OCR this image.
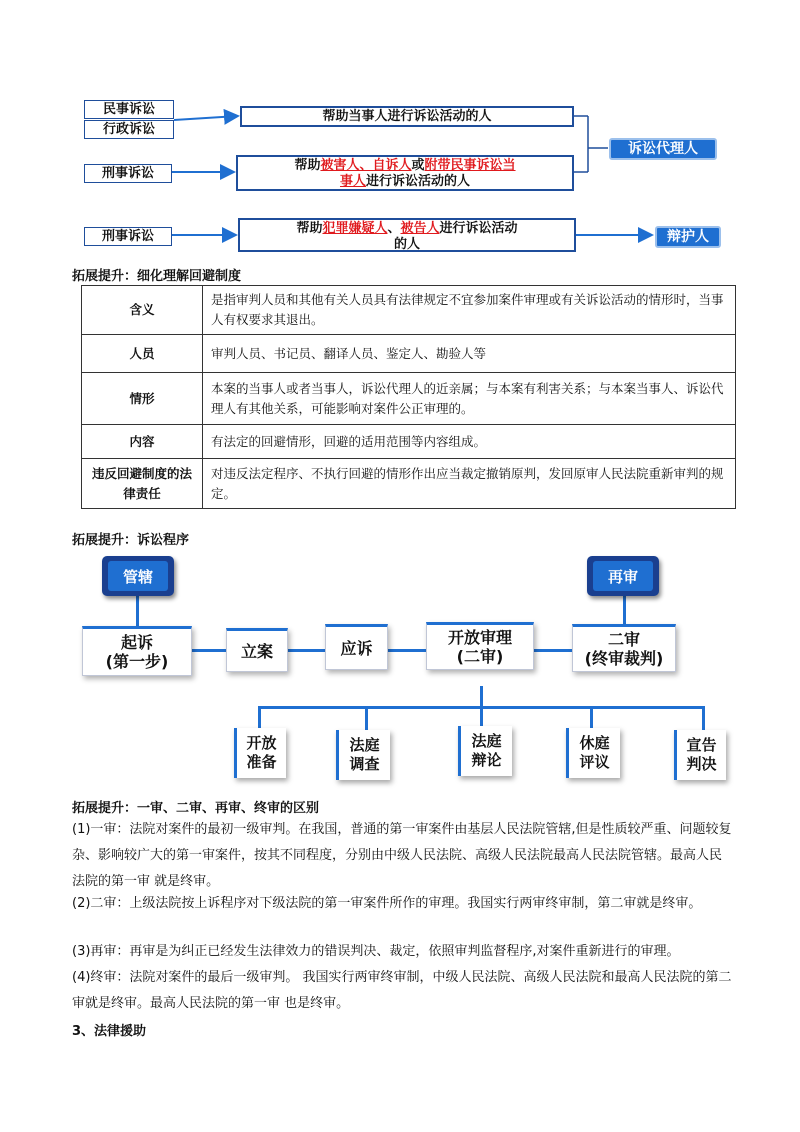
民事诉讼
行政诉讼
刑事诉讼
刑事诉讼
帮助当事人进行诉讼活动的人
帮助被害人、自诉人或附带民事诉讼当
事人进行诉讼活动的人
帮助犯罪嫌疑人、被告人进行诉讼活动
的人
诉讼代理人
辩护人
拓展提升：细化理解回避制度
含义	是指审判人员和其他有关人员具有法律规定不宜参加案件审理或有关诉讼活动的情形时，当事人有权要求其退出。
人员	审判人员、书记员、翻译人员、鉴定人、勘验人等
情形	本案的当事人或者当事人，诉讼代理人的近亲属；与本案有利害关系；与本案当事人、诉讼代理人有其他关系，可能影响对案件公正审理的。
内容	有法定的回避情形，回避的适用范围等内容组成。
违反回避制度的法律责任	对违反法定程序、不执行回避的情形作出应当裁定撤销原判，发回原审人民法院重新审判的规定。
拓展提升：诉讼程序
管辖	再审
起诉
(第一步)
立案	应诉
开放审理
(二审)
二审
(终审裁判)
开放
准备
法庭
调查
法庭
辩论
休庭
评议
宣告
判决
拓展提升：一审、二审、再审、终审的区别

(1)一审：法院对案件的最初一级审判。在我国，普通的第一审案件由基层人民法院管辖,但是性质较严重、问题较复杂、影响较广大的第一审案件，按其不同程度，分别由中级人民法院、高级人民法院最高人民法院管辖。最高人民法院的第一审 就是终审。

(2)二审：上级法院按上诉程序对下级法院的第一审案件所作的审理。我国实行两审终审制，第二审就是终审。

(3)再审：再审是为纠正已经发生法律效力的错误判决、裁定，依照审判监督程序,对案件重新进行的审理。

(4)终审：法院对案件的最后一级审判。 我国实行两审终审制，中级人民法院、高级人民法院和最高人民法院的第二审就是终审。最高人民法院的第一审 也是终审。

3、法律援助
